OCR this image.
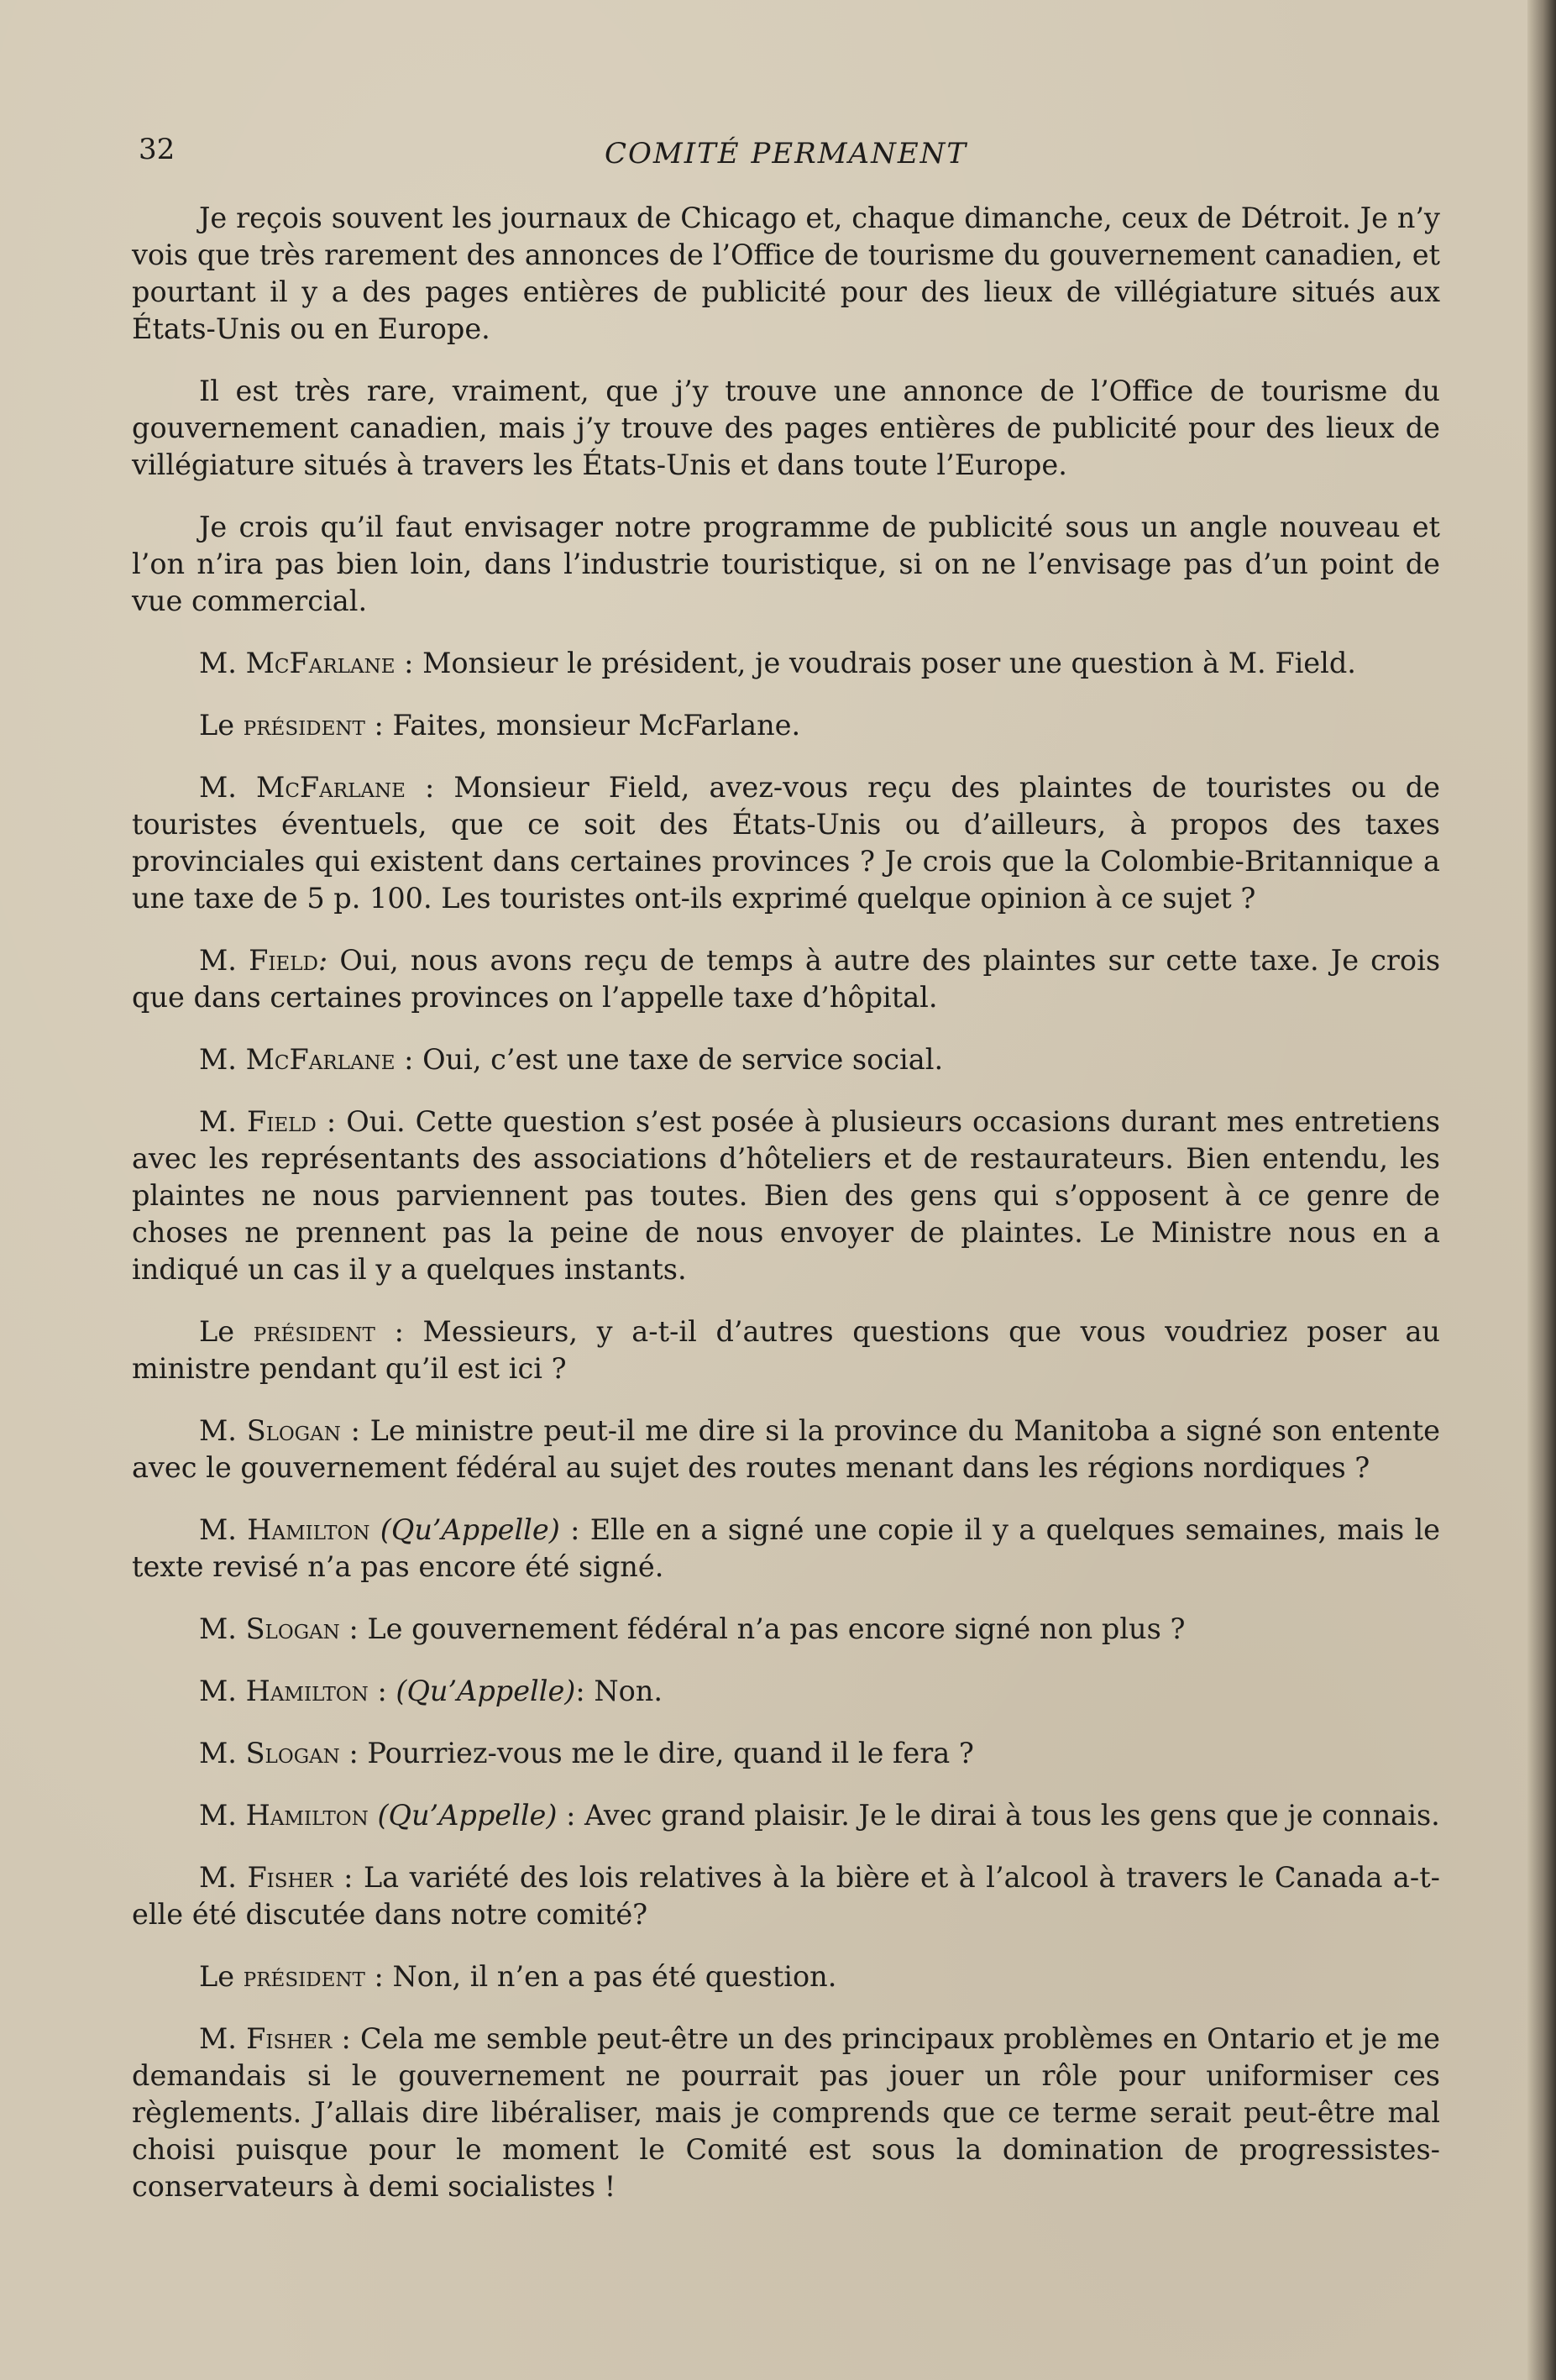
32	COMITÉ PERMANENT

Je reçois souvent les journaux de Chicago et, chaque dimanche, ceux de Détroit. Je n’y vois que très rarement des annonces de l’Office de tourisme du gouvernement canadien, et pourtant il y a des pages entières de publicité pour des lieux de villégiature situés aux États-Unis ou en Europe.

Il est très rare, vraiment, que j’y trouve une annonce de l’Office de tourisme du gouvernement canadien, mais j’y trouve des pages entières de publicité pour des lieux de villégiature situés à travers les États-Unis et dans toute l’Europe.

Je crois qu’il faut envisager notre programme de publicité sous un angle nouveau et l’on n’ira pas bien loin, dans l’industrie touristique, si on ne l’envisage pas d’un point de vue commercial.

M. McFarlane : Monsieur le président, je voudrais poser une question à M. Field.

Le président : Faites, monsieur McFarlane.

M. McFarlane : Monsieur Field, avez-vous reçu des plaintes de touristes ou de touristes éventuels, que ce soit des États-Unis ou d’ailleurs, à propos des taxes provinciales qui existent dans certaines provinces ? Je crois que la Colombie-Britannique a une taxe de 5 p. 100. Les touristes ont-ils exprimé quelque opinion à ce sujet ?

M. Field: Oui, nous avons reçu de temps à autre des plaintes sur cette taxe. Je crois que dans certaines provinces on l’appelle taxe d’hôpital.

M. McFarlane : Oui, c’est une taxe de service social.

M. Field : Oui. Cette question s’est posée à plusieurs occasions durant mes entretiens avec les représentants des associations d’hôteliers et de restaurateurs. Bien entendu, les plaintes ne nous parviennent pas toutes. Bien des gens qui s’opposent à ce genre de choses ne prennent pas la peine de nous envoyer de plaintes. Le Ministre nous en a indiqué un cas il y a quelques instants.

Le président : Messieurs, y a-t-il d’autres questions que vous voudriez poser au ministre pendant qu’il est ici ?

M. Slogan : Le ministre peut-il me dire si la province du Manitoba a signé son entente avec le gouvernement fédéral au sujet des routes menant dans les régions nordiques ?

M. Hamilton (Qu’Appelle) : Elle en a signé une copie il y a quelques semaines, mais le texte revisé n’a pas encore été signé.

M. Slogan : Le gouvernement fédéral n’a pas encore signé non plus ?

M. Hamilton : (Qu’Appelle): Non.

M. Slogan : Pourriez-vous me le dire, quand il le fera ?

M. Hamilton (Qu’Appelle) : Avec grand plaisir. Je le dirai à tous les gens que je connais.

M. Fisher : La variété des lois relatives à la bière et à l’alcool à travers le Canada a-t-elle été discutée dans notre comité?

Le président : Non, il n’en a pas été question.

M. Fisher : Cela me semble peut-être un des principaux problèmes en Ontario et je me demandais si le gouvernement ne pourrait pas jouer un rôle pour uniformiser ces règlements. J’allais dire libéraliser, mais je comprends que ce terme serait peut-être mal choisi puisque pour le moment le Comité est sous la domination de progressistes-conservateurs à demi socialistes !
